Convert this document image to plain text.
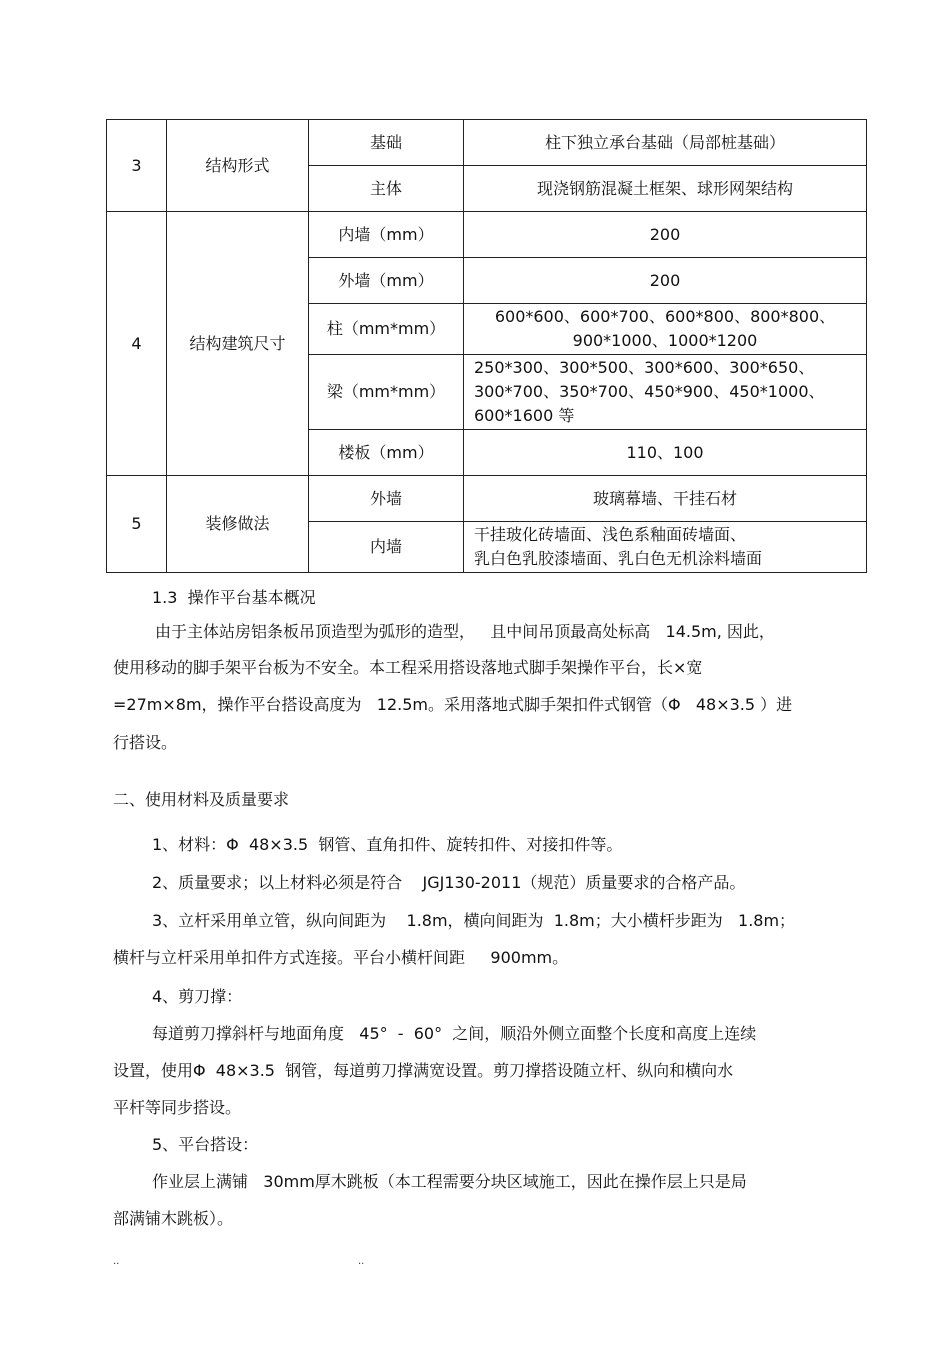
3	结构形式	基础	柱下独立承台基础（局部桩基础）
		主体	现浇钢筋混凝土框架、球形网架结构
4	结构建筑尺寸	内墙（mm）	200
		外墙（mm）	200
		柱（mm*mm）	600*600、600*700、600*800、800*800、
900*1000、1000*1200

		梁（mm*mm）	250*300、300*500、300*600、300*650、
300*700、350*700、450*900、450*1000、
600*1600 等

		楼板（mm）	110、100
5	装修做法	外墙	玻璃幕墙、干挂石材
		内墙	干挂玻化砖墙面、浅色系釉面砖墙面、
乳白色乳胶漆墙面、乳白色无机涂料墙面
1.3  操作平台基本概况
由于主体站房铝条板吊顶造型为弧形的造型，   且中间吊顶最高处标高   14.5m, 因此，
使用移动的脚手架平台板为不安全。本工程采用搭设落地式脚手架操作平台，长×宽
=27m×8m，操作平台搭设高度为   12.5m。采用落地式脚手架扣件式钢管（Φ   48×3.5 ）进
行搭设。
二、使用材料及质量要求
1、材料：Φ  48×3.5  钢管、直角扣件、旋转扣件、对接扣件等。
2、质量要求；以上材料必须是符合    JGJ130-2011（规范）质量要求的合格产品。
3、立杆采用单立管，纵向间距为    1.8m，横向间距为  1.8m；大小横杆步距为   1.8m；
横杆与立杆采用单扣件方式连接。平台小横杆间距     900mm。
4、剪刀撑：
每道剪刀撑斜杆与地面角度   45°  -  60°  之间，顺沿外侧立面整个长度和高度上连续
设置，使用Φ  48×3.5  钢管，每道剪刀撑满宽设置。剪刀撑搭设随立杆、纵向和横向水
平杆等同步搭设。
5、平台搭设：
作业层上满铺   30mm厚木跳板（本工程需要分块区域施工，因此在操作层上只是局
部满铺木跳板）。
..	..
